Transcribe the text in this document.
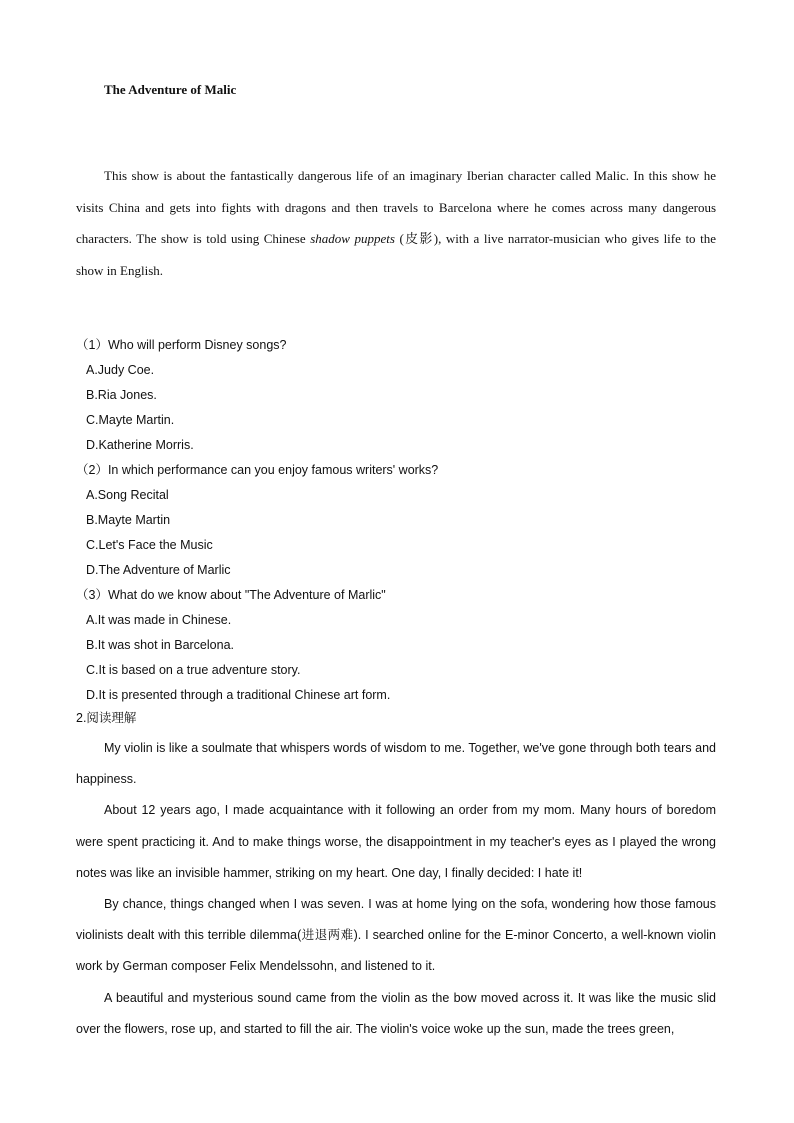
The Adventure of Malic
This show is about the fantastically dangerous life of an imaginary Iberian character called Malic. In this show he visits China and gets into fights with dragons and then travels to Barcelona where he comes across many dangerous characters. The show is told using Chinese shadow puppets (皮影), with a live narrator-musician who gives life to the show in English.
（1）Who will perform Disney songs?
A.Judy Coe.
B.Ria Jones.
C.Mayte Martin.
D.Katherine Morris.
（2）In which performance can you enjoy famous writers' works?
A.Song Recital
B.Mayte Martin
C.Let's Face the Music
D.The Adventure of Marlic
（3）What do we know about "The Adventure of Marlic"
A.It was made in Chinese.
B.It was shot in Barcelona.
C.It is based on a true adventure story.
D.It is presented through a traditional Chinese art form.
2.阅读理解

My violin is like a soulmate that whispers words of wisdom to me. Together, we've gone through both tears and happiness.

About 12 years ago, I made acquaintance with it following an order from my mom. Many hours of boredom were spent practicing it. And to make things worse, the disappointment in my teacher's eyes as I played the wrong notes was like an invisible hammer, striking on my heart. One day, I finally decided: I hate it!

By chance, things changed when I was seven. I was at home lying on the sofa, wondering how those famous violinists dealt with this terrible dilemma(进退两难). I searched online for the E-minor Concerto, a well-known violin work by German composer Felix Mendelssohn, and listened to it.

A beautiful and mysterious sound came from the violin as the bow moved across it. It was like the music slid over the flowers, rose up, and started to fill the air. The violin's voice woke up the sun, made the trees green,
